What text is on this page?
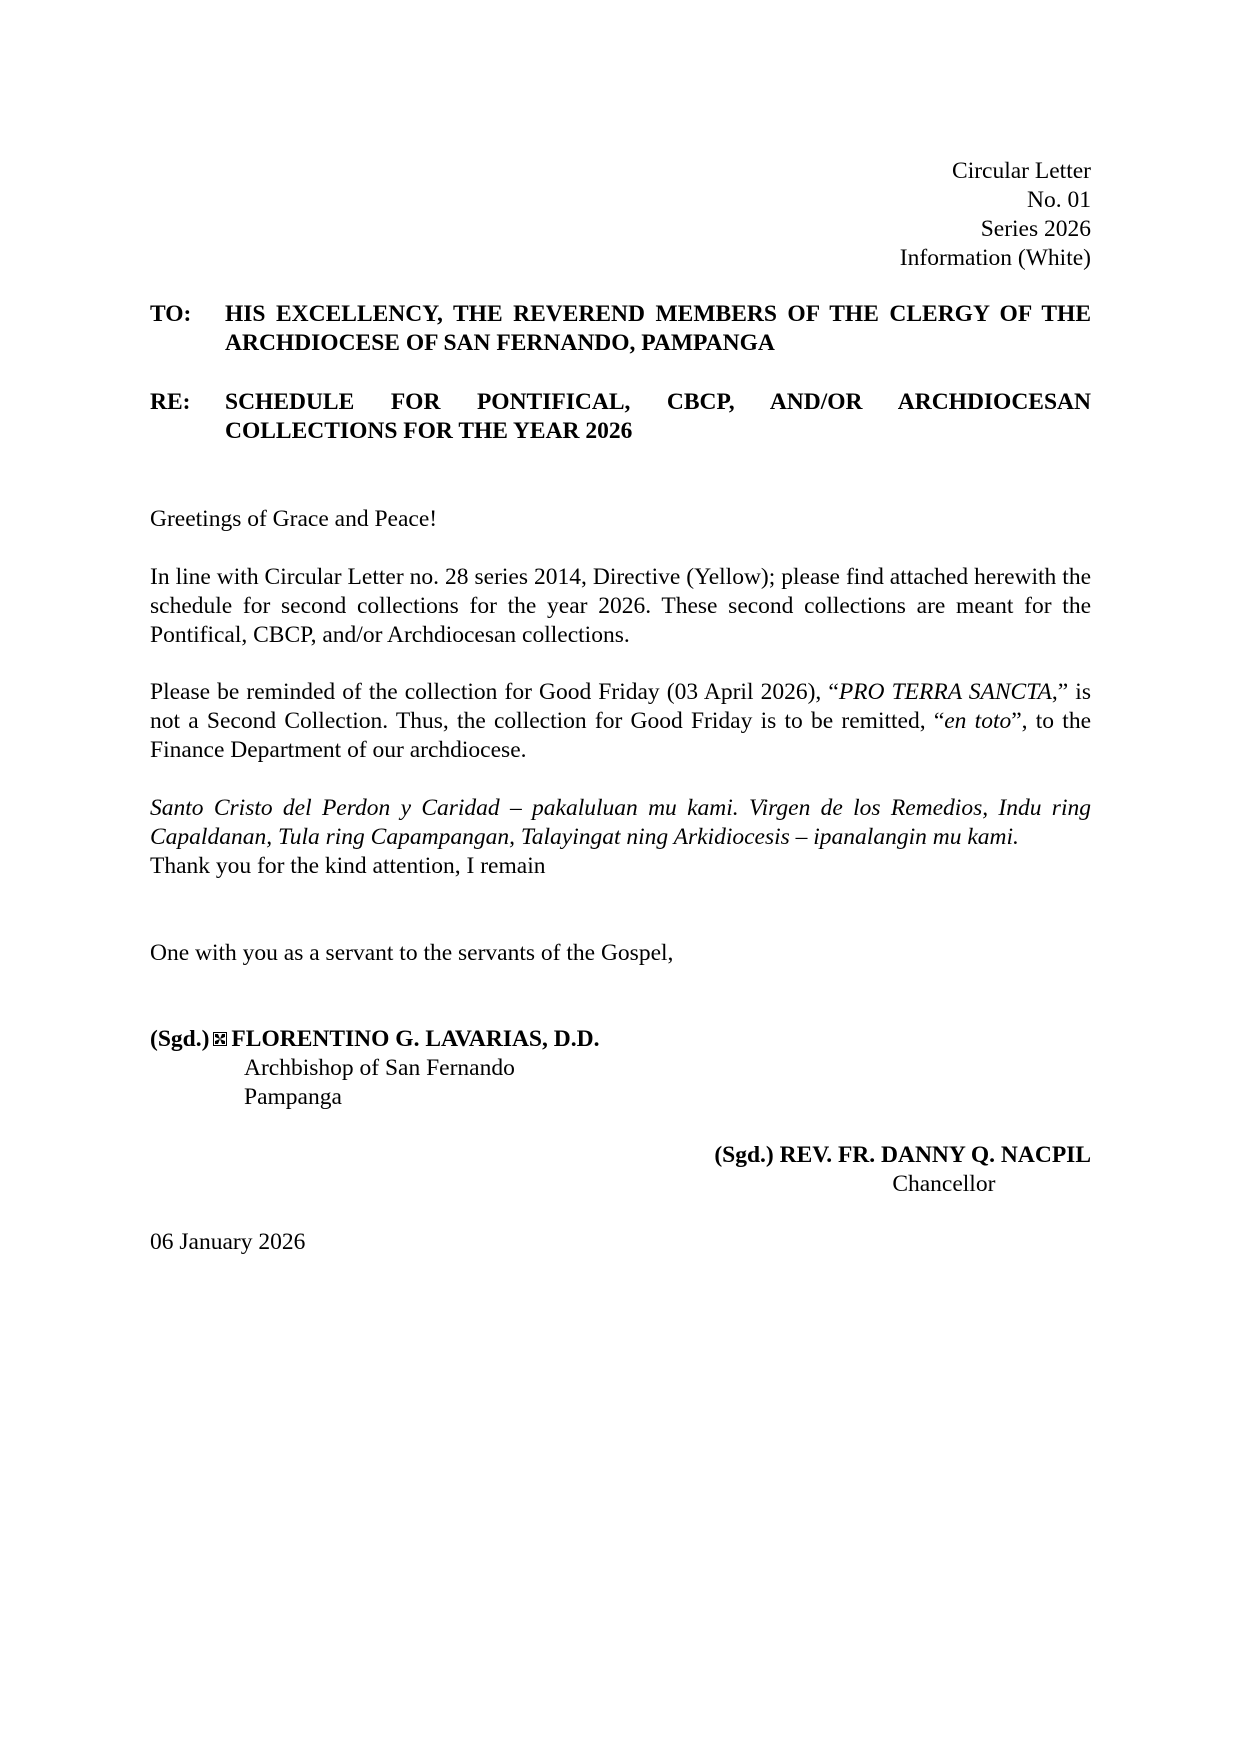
Circular Letter
No. 01
Series 2026
Information (White)
TO:	HIS EXCELLENCY, THE REVEREND MEMBERS OF THE CLERGY OF THE ARCHDIOCESE OF SAN FERNANDO, PAMPANGA
RE:	SCHEDULE FOR PONTIFICAL, CBCP, AND/OR ARCHDIOCESAN COLLECTIONS FOR THE YEAR 2026

Greetings of Grace and Peace!

In line with Circular Letter no. 28 series 2014, Directive (Yellow); please find attached herewith the schedule for second collections for the year 2026. These second collections are meant for the Pontifical, CBCP, and/or Archdiocesan collections.

Please be reminded of the collection for Good Friday (03 April 2026), “PRO TERRA SANCTA,” is not a Second Collection. Thus, the collection for Good Friday is to be remitted, “en toto”, to the Finance Department of our archdiocese.

Santo Cristo del Perdon y Caridad – pakaluluan mu kami. Virgen de los Remedios, Indu ring Capaldanan, Tula ring Capampangan, Talayingat ning Arkidiocesis – ipanalangin mu kami.
Thank you for the kind attention, I remain

One with you as a servant to the servants of the Gospel,

(Sgd.) FLORENTINO G. LAVARIAS, D.D.
Archbishop of San Fernando
Pampanga
(Sgd.) REV. FR. DANNY Q. NACPIL
Chancellor
06 January 2026
